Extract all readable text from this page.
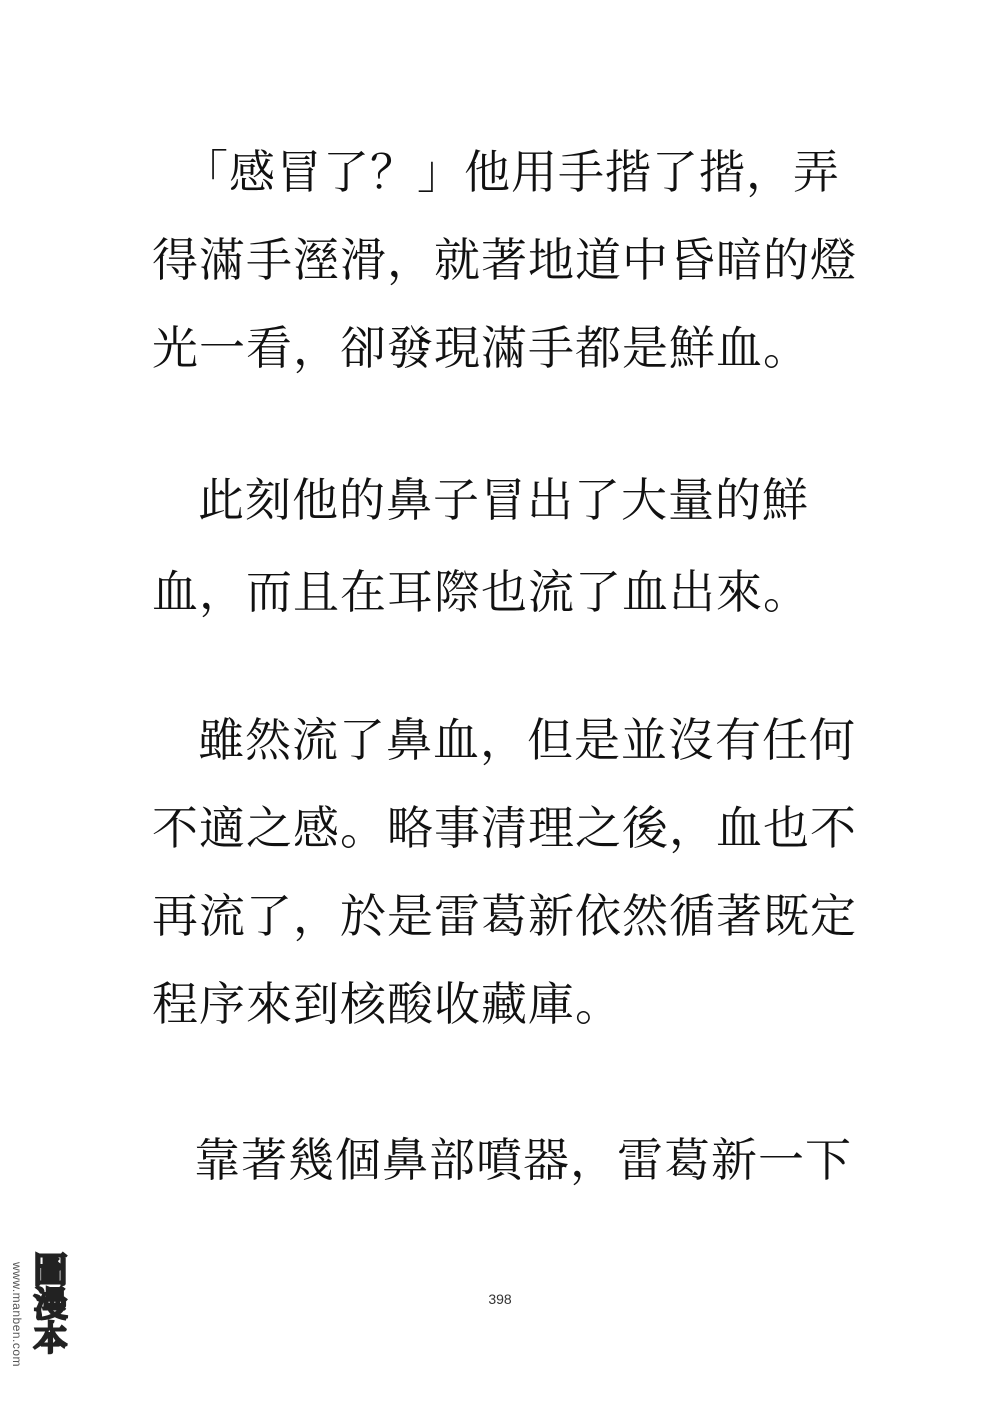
「感冒了？」他用手揩了揩，弄
得滿手溼滑，就著地道中昏暗的燈
光一看，卻發現滿手都是鮮血。
此刻他的鼻子冒出了大量的鮮
血，而且在耳際也流了血出來。
雖然流了鼻血，但是並沒有任何
不適之感。略事清理之後，血也不
再流了，於是雷葛新依然循著既定
程序來到核酸收藏庫。
靠著幾個鼻部噴器，雷葛新一下
398
www.manben.com 圖漫本
